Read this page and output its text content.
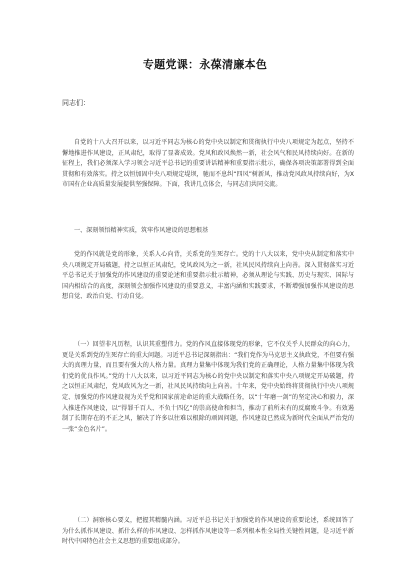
专题党课：永葆清廉本色
同志们：

自党的十八大召开以来，以习近平同志为核心的党中央以制定和贯彻执行中央八项规定为起点，坚持不懈地推进作风建设，正风肃纪，取得了显著成效。党风和政风焕然一新，社会风气和民风持续向好。在新的征程上，我们必须深入学习领会习近平总书记的重要讲话精神和重要指示批示，确保各项决策部署得到全面贯彻和有效落实。持之以恒加固中央八项规定堤坝，驰而不息纠“四风”树新风，推动党风政风持续向好，为Ⅹ市国有企业高质量发展提供坚强保障。下面，我讲几点体会，与同志们共同交流。

一、深刻领悟精神实质，筑牢作风建设的思想根基

党的作风就是党的形象，关系人心向背，关系党的生死存亡。党的十八大以来，党中央从制定和落实中央八项规定开局破题，持之以恒正风肃纪，党风政风为之一新，社风民风持续向上向善。深入贯彻落实习近平总书记关于加强党的作风建设的重要论述和重要指示批示精神，必须从理论与实践、历史与现实、国际与国内相结合的高度，深刻领会加强作风建设的重要意义，丰富内涵和实践要求，不断增强加强作风建设的思想自觉、政治自觉、行动自觉。

（一）回望非凡历程，认识其重塑伟力。党的作风直接体现党的形象，它不仅关乎人民群众的向心力，更是关系到党的生死存亡的重大问题。习近平总书记深刻指出：“我们党作为马克思主义执政党，不但要有强大的真理力量，而且要有强大的人格力量。真理力量集中体现为我们党的正确理论，人格力量集中体现为我们党的优良作风。”党的十八大以来，以习近平同志为核心的党中央以制定和落实中央八项规定开局破题，持之以恒正风肃纪，党风政风为之一新，社风民风持续向上向善。十年来，党中央始终将贯彻执行中央八项规定、加强党的作风建设视为关乎党和国家前途命运的重大战略任务，以“十年磨一剑”的坚定决心和毅力，深入推进作风建设，以“得罪千百人、不负十四亿”的崇高使命和担当，推动了前所未有的反腐败斗争。有效遏制了长期存在的不正之风，解决了许多以往难以根除的顽固问题，作风建设已然成为新时代全面从严治党的一张“金色名片”。

（二）洞察核心要义，把握其精髓内涵。习近平总书记关于加强党的作风建设的重要论述，系统回答了为什么抓作风建设、抓什么样的作风建设、怎样抓作风建设等一系列根本性全局性关键性问题，是习近平新时代中国特色社会主义思想的重要组成部分。
